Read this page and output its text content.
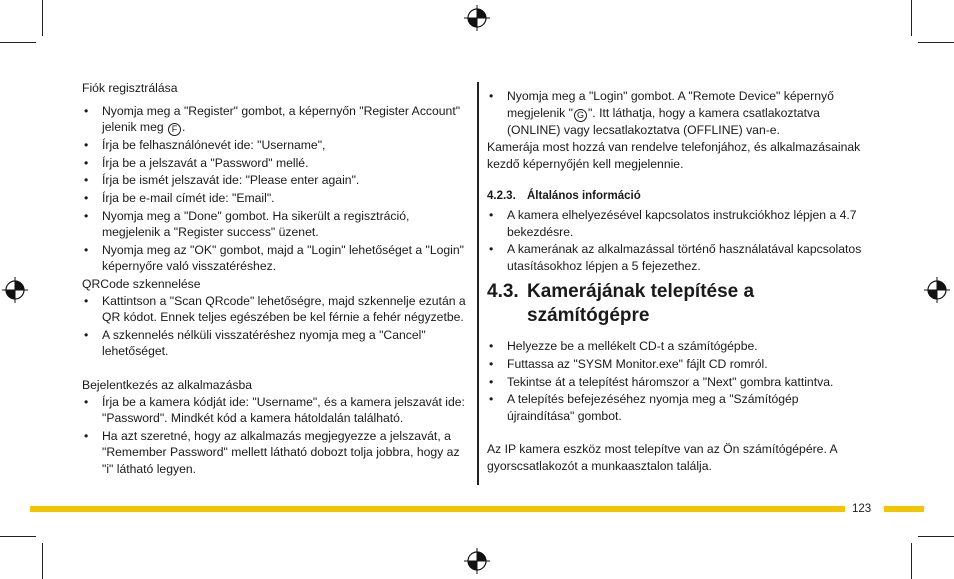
Fiók regisztrálása

• Nyomja meg a "Register" gombot, a képernyőn "Register Account" jelenik meg F .
• Írja be felhasználónevét ide: "Username",
• Írja be a jelszavát a "Password" mellé.
• Írja be ismét jelszavát ide: "Please enter again".
• Írja be e-mail címét ide: "Email".
• Nyomja meg a "Done" gombot. Ha sikerült a regisztráció, megjelenik a "Register success" üzenet.
• Nyomja meg az "OK" gombot, majd a "Login" lehetőséget a "Login" képernyőre való visszatéréshez.

QRCode szkennelése

• Kattintson a "Scan QRcode" lehetőségre, majd szkennelje ezután a QR kódot. Ennek teljes egészében be kel férnie a fehér négyzetbe.
• A szkennelés nélküli visszatéréshez nyomja meg a "Cancel" lehetőséget.

Bejelentkezés az alkalmazásba

• Írja be a kamera kódját ide: "Username", és a kamera jelszavát ide: "Password". Mindkét kód a kamera hátoldalán található.
• Ha azt szeretné, hogy az alkalmazás megjegyezze a jelszavát, a "Remember Password" mellett látható dobozt tolja jobbra, hogy az "i" látható legyen.
• Nyomja meg a "Login" gombot. A "Remote Device" képernyő megjelenik " G ". Itt láthatja, hogy a kamera csatlakoztatva (ONLINE) vagy lecsatlakoztatva (OFFLINE) van-e.

Kamerája most hozzá van rendelve telefonjához, és alkalmazásainak kezdő képernyőjén kell megjelennie.

4.2.3. Általános információ

• A kamera elhelyezésével kapcsolatos instrukciókhoz lépjen a 4.7 bekezdésre.
• A kamerának az alkalmazással történő használatával kapcsolatos utasításokhoz lépjen a 5 fejezethez.
4.3. Kamerájának telepítése a számítógépre
• Helyezze be a mellékelt CD-t a számítógépbe.
• Futtassa az "SYSM Monitor.exe" fájlt CD romról.
• Tekintse át a telepítést háromszor a "Next" gombra kattintva.
• A telepítés befejezéséhez nyomja meg a "Számítógép újraindítása" gombot.

Az IP kamera eszköz most telepítve van az Ön számítógépére. A gyorscsatlakozót a munkaasztalon találja.

123
